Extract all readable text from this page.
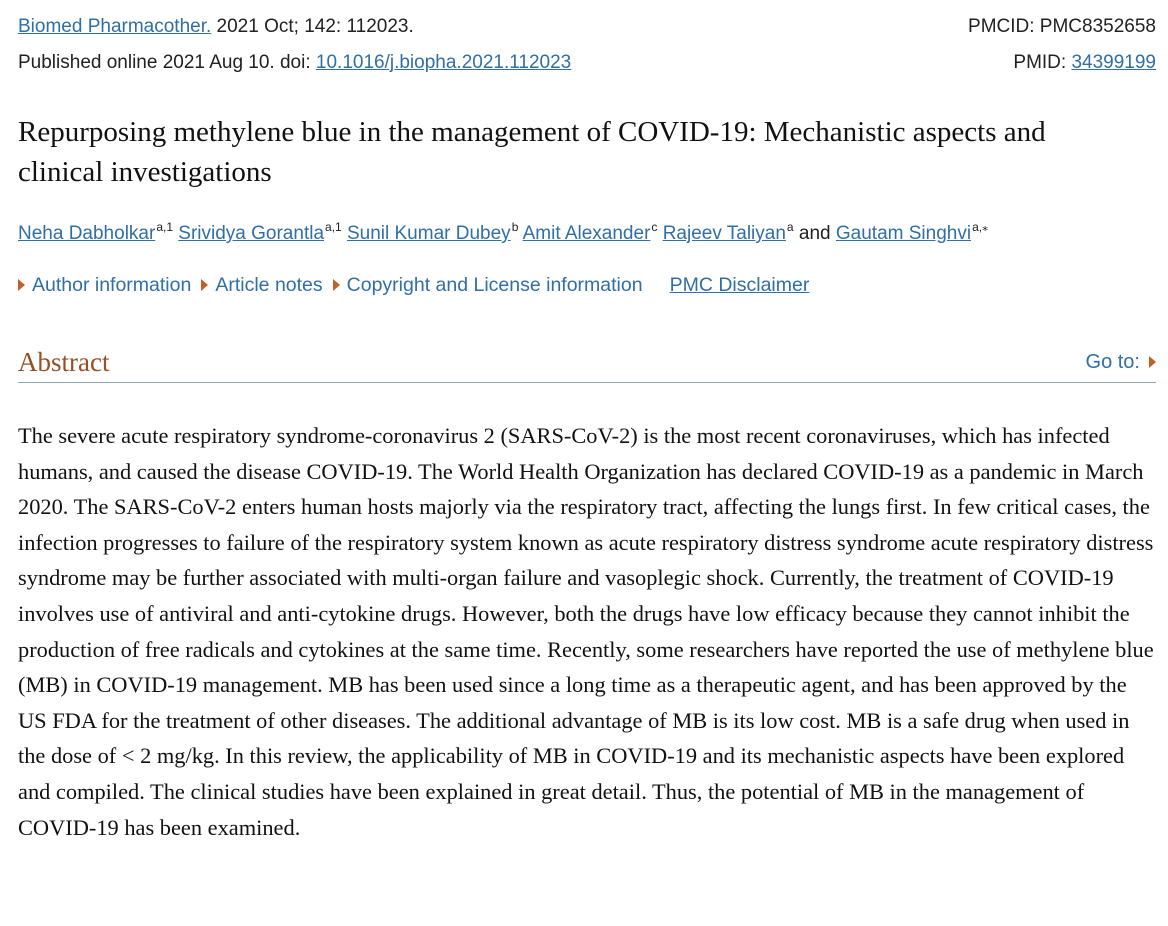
Biomed Pharmacother. 2021 Oct; 142: 112023.	PMCID: PMC8352658
Published online 2021 Aug 10. doi: 10.1016/j.biopha.2021.112023	PMID: 34399199
Repurposing methylene blue in the management of COVID-19: Mechanistic aspects and clinical investigations
Neha Dabholkar$^{a,1}$ Srividya Gorantla$^{a,1}$ Sunil Kumar Dubey$^b$ Amit Alexander$^c$ Rajeev Taliyan$^a$ and Gautam Singhvi$^{a,⁎}$
Author information	Article notes	Copyright and License information PMC Disclaimer
Abstract	Go to:

The severe acute respiratory syndrome-coronavirus 2 (SARS-CoV-2) is the most recent coronaviruses, which has infected humans, and caused the disease COVID-19. The World Health Organization has declared COVID-19 as a pandemic in March 2020. The SARS-CoV-2 enters human hosts majorly via the respiratory tract, affecting the lungs first. In few critical cases, the infection progresses to failure of the respiratory system known as acute respiratory distress syndrome acute respiratory distress syndrome may be further associated with multi-organ failure and vasoplegic shock. Currently, the treatment of COVID-19 involves use of antiviral and anti-cytokine drugs. However, both the drugs have low efficacy because they cannot inhibit the production of free radicals and cytokines at the same time. Recently, some researchers have reported the use of methylene blue (MB) in COVID-19 management. MB has been used since a long time as a therapeutic agent, and has been approved by the US FDA for the treatment of other diseases. The additional advantage of MB is its low cost. MB is a safe drug when used in the dose of < 2 mg/kg. In this review, the applicability of MB in COVID-19 and its mechanistic aspects have been explored and compiled. The clinical studies have been explained in great detail. Thus, the potential of MB in the management of COVID-19 has been examined.
